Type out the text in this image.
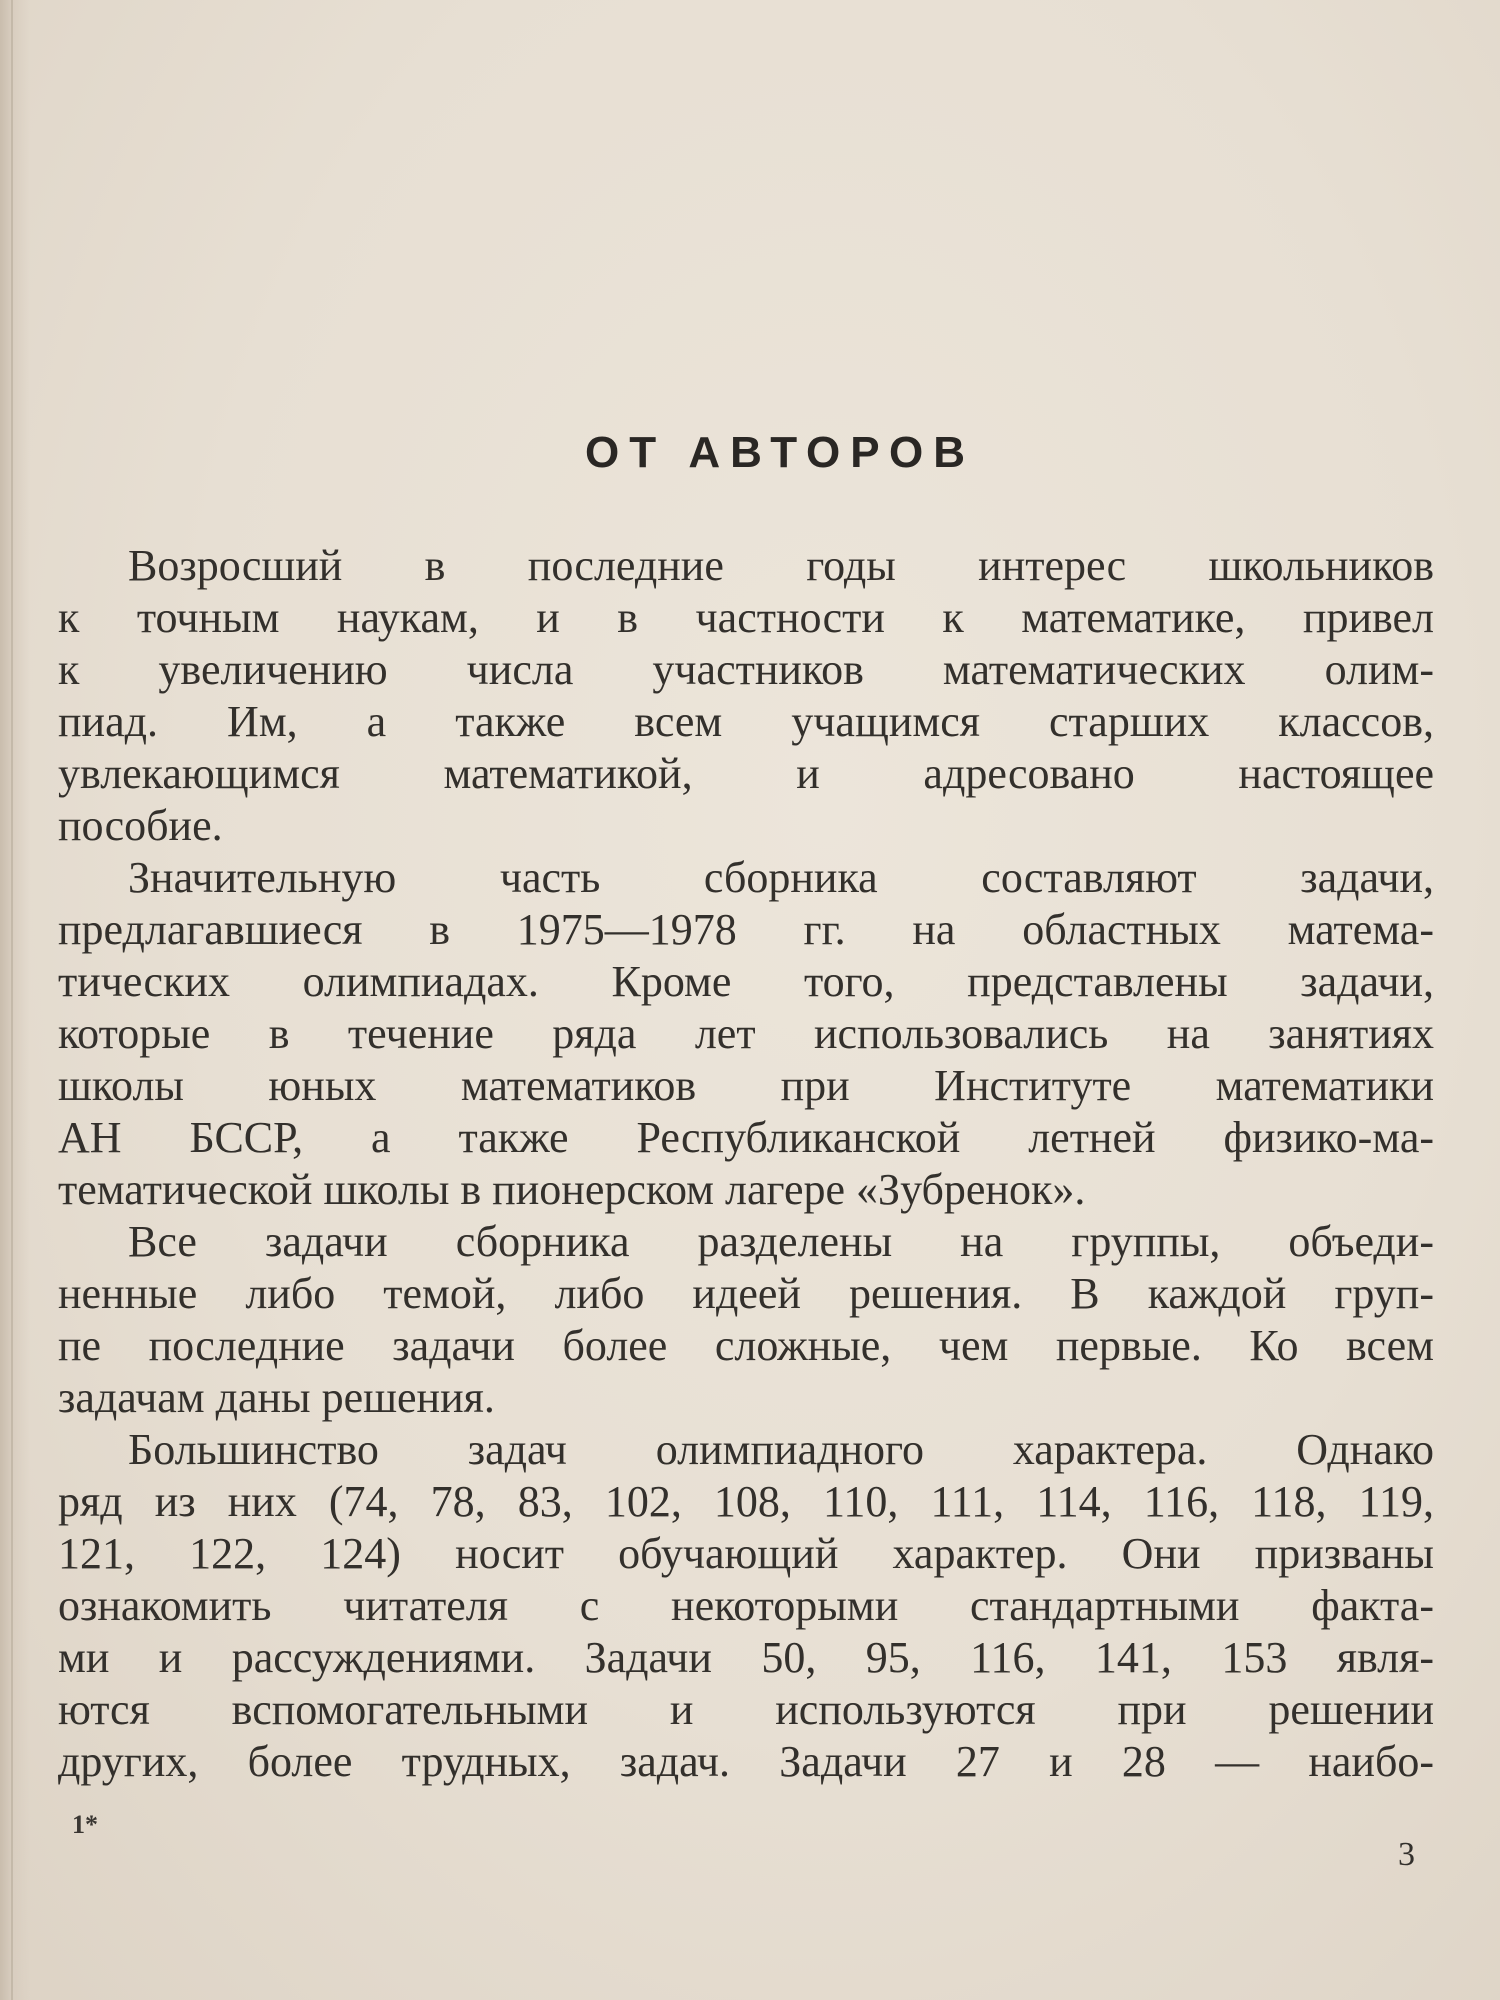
ОТ АВТОРОВ
Возросший в последние годы интерес школьников
к точным наукам, и в частности к математике, привел
к увеличению числа участников математических олим-
пиад. Им, а также всем учащимся старших классов,
увлекающимся математикой, и адресовано настоящее
пособие.
Значительную часть сборника составляют задачи,
предлагавшиеся в 1975—1978 гг. на областных матема-
тических олимпиадах. Кроме того, представлены задачи,
которые в течение ряда лет использовались на занятиях
школы юных математиков при Институте математики
АН БССР, а также Республиканской летней физико-ма-
тематической школы в пионерском лагере «Зубренок».
Все задачи сборника разделены на группы, объеди-
ненные либо темой, либо идеей решения. В каждой груп-
пе последние задачи более сложные, чем первые. Ко всем
задачам даны решения.
Большинство задач олимпиадного характера. Однако
ряд из них (74, 78, 83, 102, 108, 110, 111, 114, 116, 118, 119,
121, 122, 124) носит обучающий характер. Они призваны
ознакомить читателя с некоторыми стандартными факта-
ми и рассуждениями. Задачи 50, 95, 116, 141, 153 явля-
ются вспомогательными и используются при решении
других, более трудных, задач. Задачи 27 и 28 — наибо-
1*
3
